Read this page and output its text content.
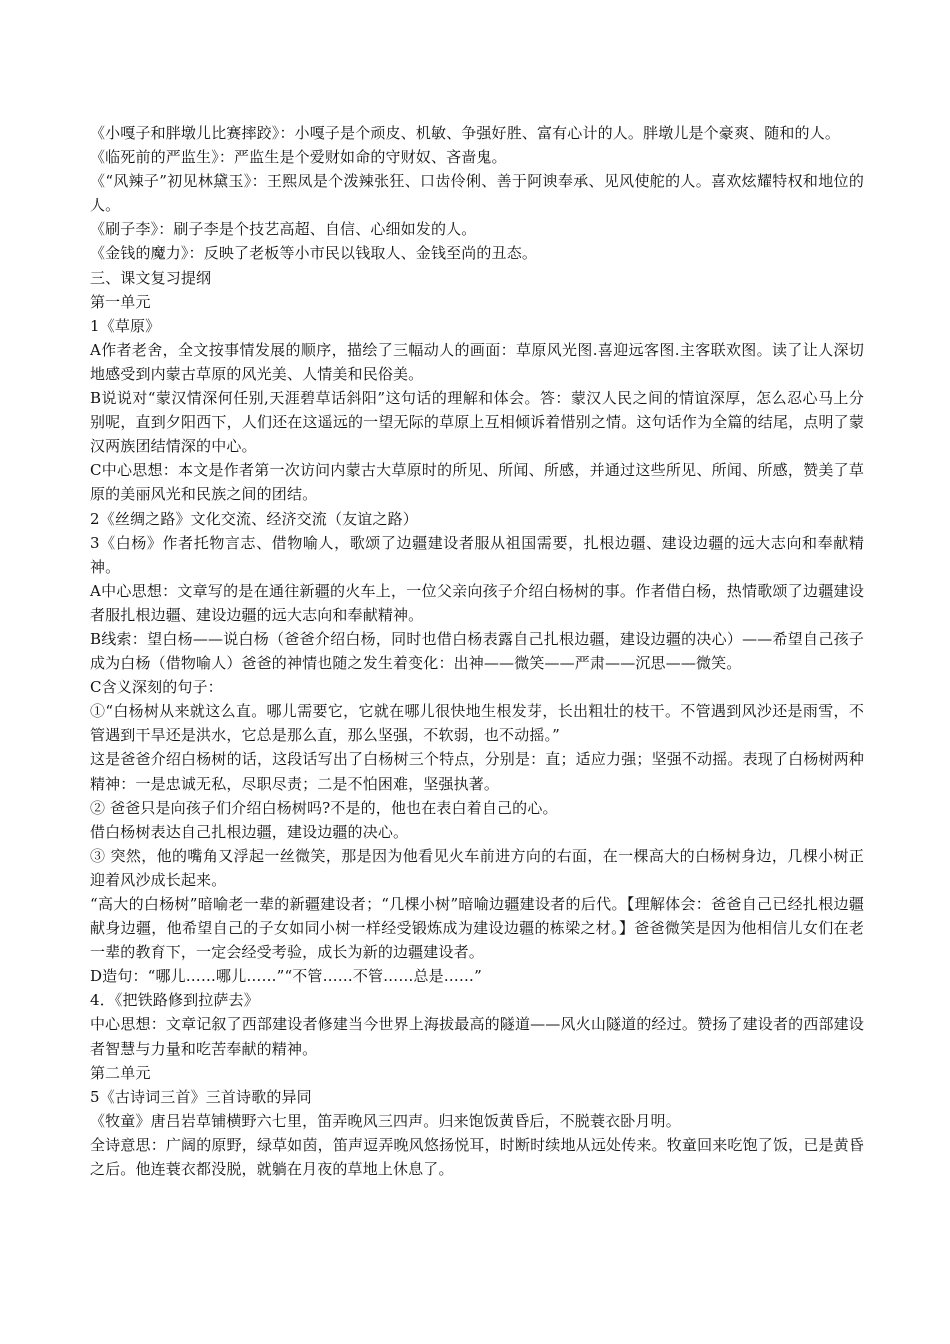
《小嘎子和胖墩儿比赛摔跤》：小嘎子是个顽皮、机敏、争强好胜、富有心计的人。胖墩儿是个豪爽、随和的人。

《临死前的严监生》：严监生是个爱财如命的守财奴、吝啬鬼。

《“风辣子”初见林黛玉》：王熙凤是个泼辣张狂、口齿伶俐、善于阿谀奉承、见风使舵的人。喜欢炫耀特权和地位的人。

《刷子李》：刷子李是个技艺高超、自信、心细如发的人。

《金钱的魔力》：反映了老板等小市民以钱取人、金钱至尚的丑态。

三、课文复习提纲

第一单元

1《草原》

A作者老舍，全文按事情发展的顺序，描绘了三幅动人的画面：草原风光图.喜迎远客图.主客联欢图。读了让人深切地感受到内蒙古草原的风光美、人情美和民俗美。

B说说对“蒙汉情深何任别,天涯碧草话斜阳”这句话的理解和体会。答：蒙汉人民之间的情谊深厚，怎么忍心马上分别呢，直到夕阳西下，人们还在这遥远的一望无际的草原上互相倾诉着惜别之情。这句话作为全篇的结尾，点明了蒙汉两族团结情深的中心。

C中心思想：本文是作者第一次访问内蒙古大草原时的所见、所闻、所感，并通过这些所见、所闻、所感，赞美了草原的美丽风光和民族之间的团结。

2《丝绸之路》文化交流、经济交流（友谊之路）

3《白杨》作者托物言志、借物喻人，歌颂了边疆建设者服从祖国需要，扎根边疆、建设边疆的远大志向和奉献精神。

A中心思想：文章写的是在通往新疆的火车上，一位父亲向孩子介绍白杨树的事。作者借白杨，热情歌颂了边疆建设者服扎根边疆、建设边疆的远大志向和奉献精神。

B线索：望白杨——说白杨（爸爸介绍白杨，同时也借白杨表露自己扎根边疆，建设边疆的决心）——希望自己孩子成为白杨（借物喻人）爸爸的神情也随之发生着变化：出神——微笑——严肃——沉思——微笑。

C含义深刻的句子：

①“白杨树从来就这么直。哪儿需要它，它就在哪儿很快地生根发芽，长出粗壮的枝干。不管遇到风沙还是雨雪，不管遇到干旱还是洪水，它总是那么直，那么坚强，不软弱，也不动摇。”

这是爸爸介绍白杨树的话，这段话写出了白杨树三个特点，分别是：直；适应力强；坚强不动摇。表现了白杨树两种精神：一是忠诚无私，尽职尽责；二是不怕困难，坚强执著。

② 爸爸只是向孩子们介绍白杨树吗?不是的，他也在表白着自己的心。

借白杨树表达自己扎根边疆，建设边疆的决心。

③ 突然，他的嘴角又浮起一丝微笑，那是因为他看见火车前进方向的右面，在一棵高大的白杨树身边，几棵小树正迎着风沙成长起来。

“高大的白杨树”暗喻老一辈的新疆建设者；“几棵小树”暗喻边疆建设者的后代。【理解体会：爸爸自己已经扎根边疆献身边疆，他希望自己的子女如同小树一样经受锻炼成为建设边疆的栋梁之材。】爸爸微笑是因为他相信儿女们在老一辈的教育下，一定会经受考验，成长为新的边疆建设者。

D造句：“哪儿……哪儿……”“不管……不管……总是……”

4．《把铁路修到拉萨去》

中心思想：文章记叙了西部建设者修建当今世界上海拔最高的隧道——风火山隧道的经过。赞扬了建设者的西部建设者智慧与力量和吃苦奉献的精神。

第二单元

5《古诗词三首》三首诗歌的异同

《牧童》唐吕岩草铺横野六七里，笛弄晚风三四声。归来饱饭黄昏后，不脱蓑衣卧月明。

全诗意思：广阔的原野，绿草如茵，笛声逗弄晚风悠扬悦耳，时断时续地从远处传来。牧童回来吃饱了饭，已是黄昏之后。他连蓑衣都没脱，就躺在月夜的草地上休息了。
